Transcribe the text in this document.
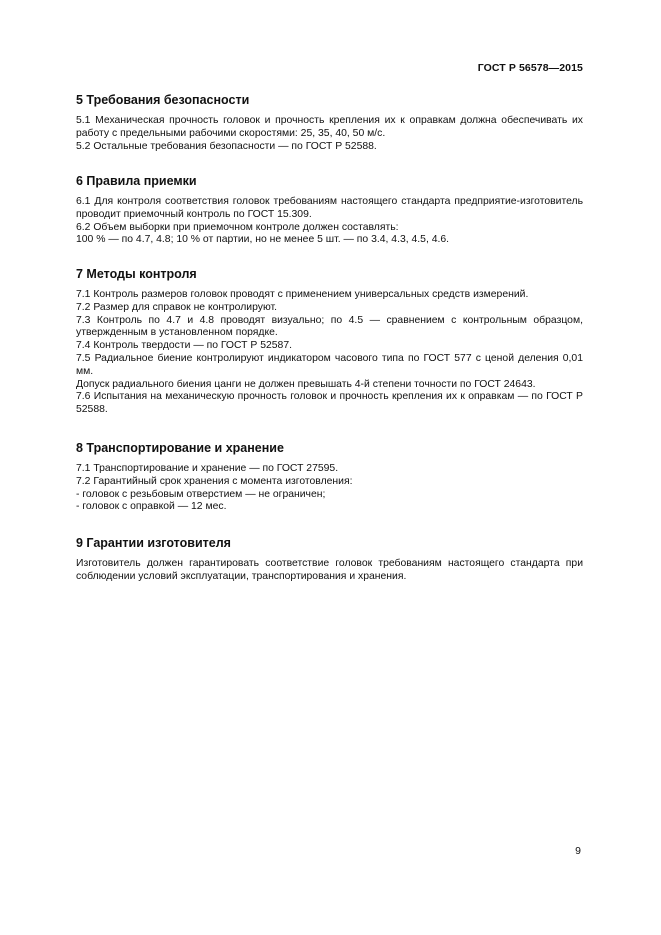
ГОСТ Р 56578—2015
5 Требования безопасности

5.1 Механическая прочность головок и прочность крепления их к оправкам должна обеспечивать их работу с предельными рабочими скоростями: 25, 35, 40, 50 м/с.

5.2 Остальные требования безопасности — по ГОСТ Р 52588.

6 Правила приемки

6.1 Для контроля соответствия головок требованиям настоящего стандарта предприятие-изготовитель проводит приемочный контроль по ГОСТ 15.309.

6.2 Объем выборки при приемочном контроле должен составлять:

100 % — по 4.7, 4.8; 10 % от партии, но не менее 5 шт. — по 3.4, 4.3, 4.5, 4.6.

7 Методы контроля

7.1 Контроль размеров головок проводят с применением универсальных средств измерений.

7.2 Размер для справок не контролируют.

7.3 Контроль по 4.7 и 4.8 проводят визуально; по 4.5 — сравнением с контрольным образцом, утвержденным в установленном порядке.

7.4 Контроль твердости — по ГОСТ Р 52587.

7.5 Радиальное биение контролируют индикатором часового типа по ГОСТ 577 с ценой деления 0,01 мм.

Допуск радиального биения цанги не должен превышать 4-й степени точности по ГОСТ 24643.

7.6 Испытания на механическую прочность головок и прочность крепления их к оправкам — по ГОСТ Р 52588.

8 Транспортирование и хранение

7.1 Транспортирование и хранение — по ГОСТ 27595.

7.2 Гарантийный срок хранения с момента изготовления:

- головок с резьбовым отверстием — не ограничен;

- головок с оправкой — 12 мес.

9 Гарантии изготовителя

Изготовитель должен гарантировать соответствие головок требованиям настоящего стандарта при соблюдении условий эксплуатации, транспортирования и хранения.

9
